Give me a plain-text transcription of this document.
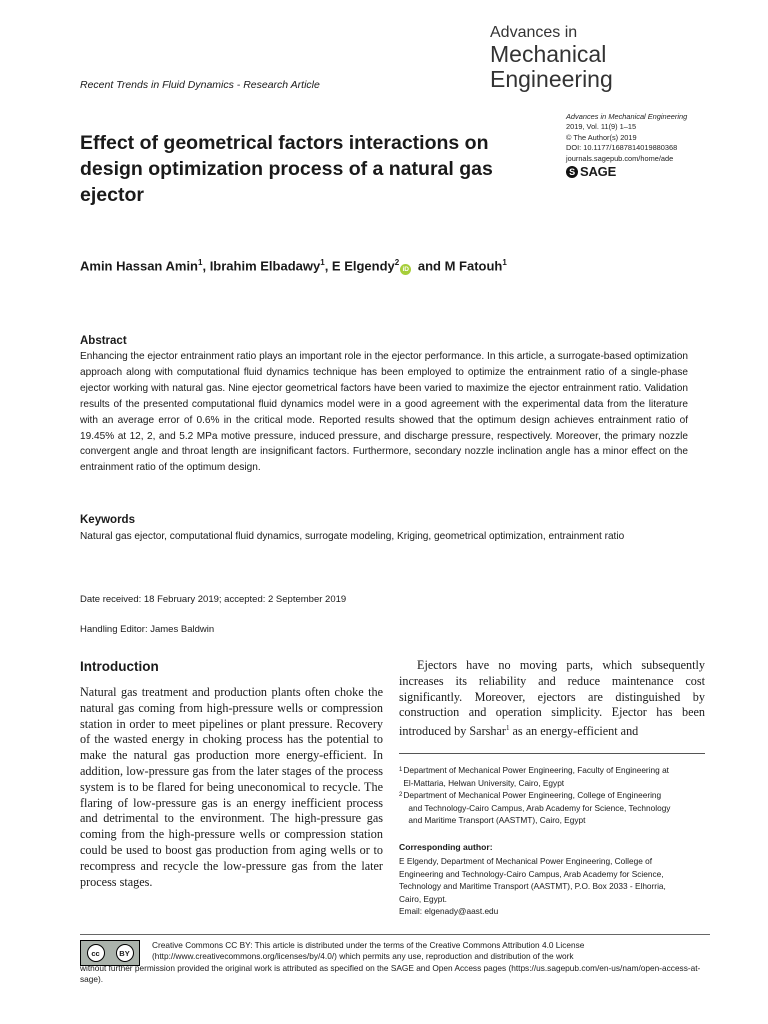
Advances in
Mechanical
Engineering
Recent Trends in Fluid Dynamics - Research Article
Advances in Mechanical Engineering
2019, Vol. 11(9) 1–15
© The Author(s) 2019
DOI: 10.1177/1687814019880368
journals.sagepub.com/home/ade
S SAGE
Effect of geometrical factors interactions on design optimization process of a natural gas ejector
Amin Hassan Amin$^1$, Ibrahim Elbadawy$^1$, E Elgendy$^2$iD and M Fatouh$^1$
Abstract
Enhancing the ejector entrainment ratio plays an important role in the ejector performance. In this article, a surrogate-based optimization approach along with computational fluid dynamics technique has been employed to optimize the entrainment ratio of a single-phase ejector working with natural gas. Nine ejector geometrical factors have been varied to maximize the ejector entrainment ratio. Validation results of the presented computational fluid dynamics model were in a good agreement with the experimental data from the literature with an average error of 0.6% in the critical mode. Reported results showed that the optimum design achieves entrainment ratio of 19.45% at 12, 2, and 5.2 MPa motive pressure, induced pressure, and discharge pressure, respectively. Moreover, the primary nozzle convergent angle and throat length are insignificant factors. Furthermore, secondary nozzle inclination angle has a minor effect on the entrainment ratio of the optimum design.
Keywords
Natural gas ejector, computational fluid dynamics, surrogate modeling, Kriging, geometrical optimization, entrainment ratio
Date received: 18 February 2019; accepted: 2 September 2019
Handling Editor: James Baldwin
Introduction
Natural gas treatment and production plants often choke the natural gas coming from high-pressure wells or compression station in order to meet pipelines or plant pressure. Recovery of the wasted energy in choking process has the potential to make the natural gas production more energy-efficient. In addition, low-pressure gas from the later stages of the process system is to be flared for being uneconomical to recycle. The flaring of low-pressure gas is an energy inefficient process and detrimental to the environment. The high-pressure gas coming from the high-pressure wells or compression station could be used to boost gas production from aging wells or to recompress and recycle the low-pressure gas from the later process stages.
Ejectors have no moving parts, which subsequently increases its reliability and reduce maintenance cost significantly. Moreover, ejectors are distinguished by construction and operation simplicity. Ejector has been introduced by Sarshar$^1$ as an energy-efficient and
1 Department of Mechanical Power Engineering, Faculty of Engineering at
El-Mattaria, Helwan University, Cairo, Egypt
2 Department of Mechanical Power Engineering, College of Engineering
and Technology-Cairo Campus, Arab Academy for Science, Technology
and Maritime Transport (AASTMT), Cairo, Egypt
Corresponding author:
E Elgendy, Department of Mechanical Power Engineering, College of
Engineering and Technology-Cairo Campus, Arab Academy for Science,
Technology and Maritime Transport (AASTMT), P.O. Box 2033 - Elhorria,
Cairo, Egypt.
Email: elgenady@aast.edu
cc	BY
Creative Commons CC BY: This article is distributed under the terms of the Creative Commons Attribution 4.0 License
(http://www.creativecommons.org/licenses/by/4.0/) which permits any use, reproduction and distribution of the work
without further permission provided the original work is attributed as specified on the SAGE and Open Access pages (https://us.sagepub.com/en-us/nam/open-access-at-sage).
